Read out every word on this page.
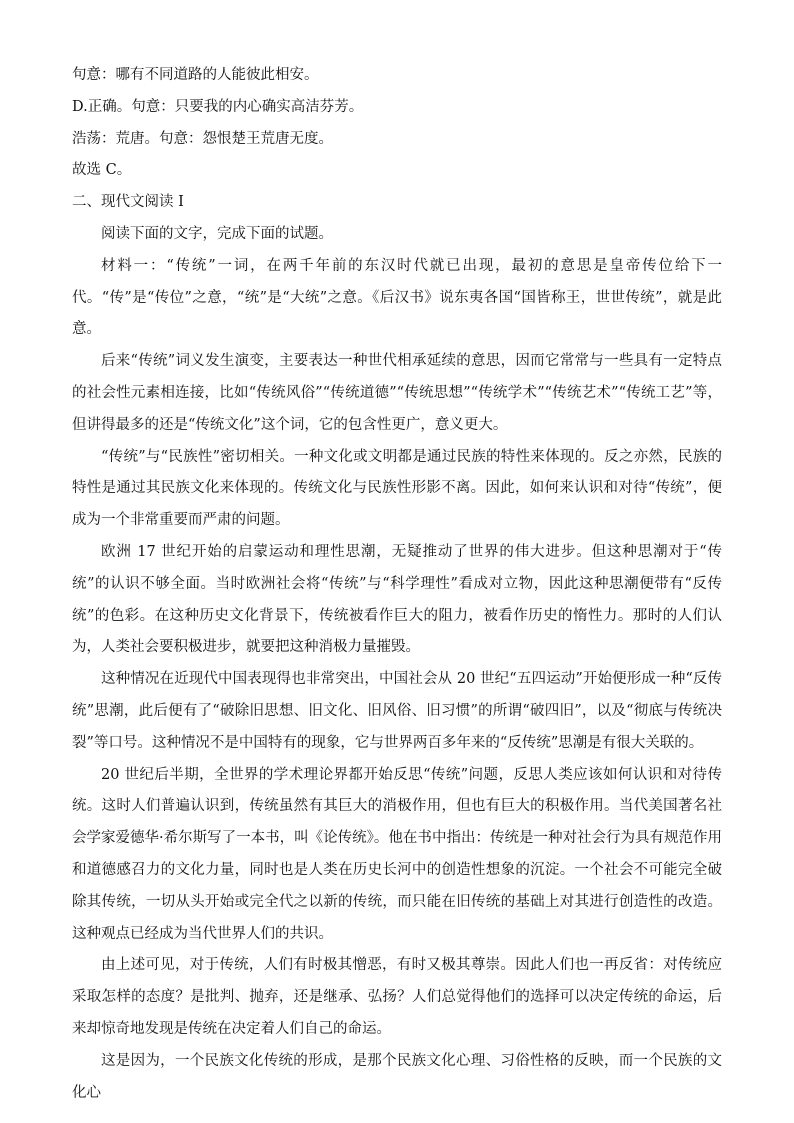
句意：哪有不同道路的人能彼此相安。

D.正确。句意：只要我的内心确实高洁芬芳。

浩荡：荒唐。句意：怨恨楚王荒唐无度。

故选 C。

二、现代文阅读 I

阅读下面的文字，完成下面的试题。

材料一：“传统”一词，在两千年前的东汉时代就已出现，最初的意思是皇帝传位给下一代。“传”是“传位”之意，“统”是“大统”之意。《后汉书》说东夷各国“国皆称王，世世传统”，就是此意。

后来“传统”词义发生演变，主要表达一种世代相承延续的意思，因而它常常与一些具有一定特点的社会性元素相连接，比如“传统风俗”“传统道德”“传统思想”“传统学术”“传统艺术”“传统工艺”等，但讲得最多的还是“传统文化”这个词，它的包含性更广，意义更大。

“传统”与“民族性”密切相关。一种文化或文明都是通过民族的特性来体现的。反之亦然，民族的特性是通过其民族文化来体现的。传统文化与民族性形影不离。因此，如何来认识和对待“传统”，便成为一个非常重要而严肃的问题。

欧洲 17 世纪开始的启蒙运动和理性思潮，无疑推动了世界的伟大进步。但这种思潮对于“传统”的认识不够全面。当时欧洲社会将“传统”与“科学理性”看成对立物，因此这种思潮便带有“反传统”的色彩。在这种历史文化背景下，传统被看作巨大的阻力，被看作历史的惰性力。那时的人们认为，人类社会要积极进步，就要把这种消极力量摧毁。

这种情况在近现代中国表现得也非常突出，中国社会从 20 世纪“五四运动”开始便形成一种“反传统”思潮，此后便有了“破除旧思想、旧文化、旧风俗、旧习惯”的所谓“破四旧”，以及“彻底与传统决裂”等口号。这种情况不是中国特有的现象，它与世界两百多年来的“反传统”思潮是有很大关联的。

20 世纪后半期，全世界的学术理论界都开始反思“传统”问题，反思人类应该如何认识和对待传统。这时人们普遍认识到，传统虽然有其巨大的消极作用，但也有巨大的积极作用。当代美国著名社会学家爱德华·希尔斯写了一本书，叫《论传统》。他在书中指出：传统是一种对社会行为具有规范作用和道德感召力的文化力量，同时也是人类在历史长河中的创造性想象的沉淀。一个社会不可能完全破除其传统，一切从头开始或完全代之以新的传统，而只能在旧传统的基础上对其进行创造性的改造。这种观点已经成为当代世界人们的共识。

由上述可见，对于传统，人们有时极其憎恶，有时又极其尊崇。因此人们也一再反省：对传统应采取怎样的态度？是批判、抛弃，还是继承、弘扬？人们总觉得他们的选择可以决定传统的命运，后来却惊奇地发现是传统在决定着人们自己的命运。

这是因为，一个民族文化传统的形成，是那个民族文化心理、习俗性格的反映，而一个民族的文化心
